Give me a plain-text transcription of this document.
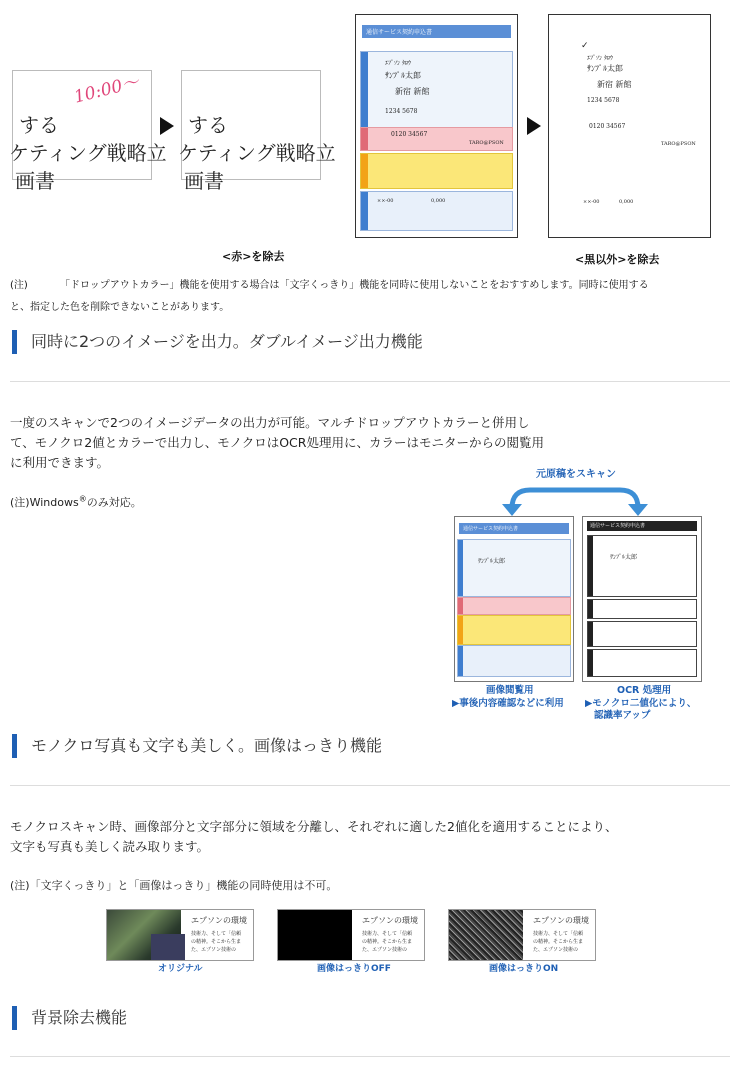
10:00〜
する
ケティング戦略立
画書
する
ケティング戦略立
画書
<赤>を除去
通信サービス契約申込書
ｴﾌﾟｿﾝ ﾀﾛｳ
ｻﾝﾌﾟﾙ太郎
新宿 新館
1234 5678
0120 34567
TARO@PSON
××-00	0,000
✓
ｴﾌﾟｿﾝ ﾀﾛｳ
ｻﾝﾌﾟﾙ太郎
新宿 新館
1234 5678
0120 34567
TARO@PSON
××-00	0,000
<黒以外>を除去
(注)	「ドロップアウトカラー」機能を使用する場合は「文字くっきり」機能を同時に使用しないことをおすすめします。同時に使用する
と、指定した色を削除できないことがあります。
同時に2つのイメージを出力。ダブルイメージ出力機能
一度のスキャンで2つのイメージデータの出力が可能。マルチドロップアウトカラーと併用し
て、モノクロ2値とカラーで出力し、モノクロはOCR処理用に、カラーはモニターからの閲覧用
に利用できます。
(注)Windows®のみ対応。
元原稿をスキャン
通信サービス契約申込書
ｻﾝﾌﾟﾙ太郎
通信サービス契約申込書
ｻﾝﾌﾟﾙ太郎
画像閲覧用
▶事後内容確認などに利用
OCR 処理用
▶モノクロ二値化により、
認識率アップ
モノクロ写真も文字も美しく。画像はっきり機能
モノクロスキャン時、画像部分と文字部分に領域を分離し、それぞれに適した2値化を適用することにより、
文字も写真も美しく読み取ります。
(注)「文字くっきり」と「画像はっきり」機能の同時使用は不可。
エプソンの環境
技術力、そして「信頼
の精神。そこから生ま
た、エプソン技術の
エプソンの環境
技術力、そして「信頼
の精神。そこから生ま
た、エプソン技術の
エプソンの環境
技術力、そして「信頼
の精神。そこから生ま
た、エプソン技術の
オリジナル	画像はっきりOFF	画像はっきりON
背景除去機能
